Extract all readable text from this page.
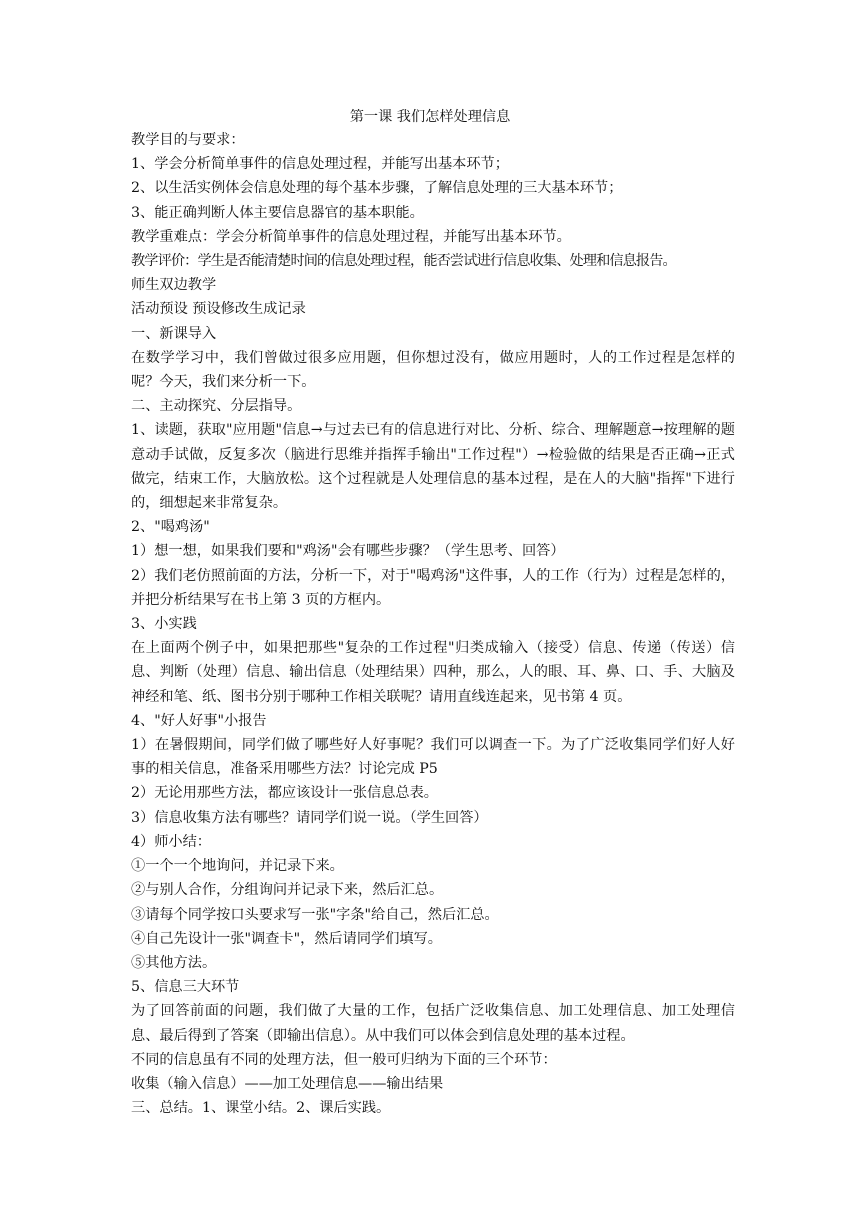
第一课 我们怎样处理信息

教学目的与要求：

1、学会分析简单事件的信息处理过程，并能写出基本环节；

2、以生活实例体会信息处理的每个基本步骤，了解信息处理的三大基本环节；

3、能正确判断人体主要信息器官的基本职能。

教学重难点：学会分析简单事件的信息处理过程，并能写出基本环节。

教学评价：学生是否能清楚时间的信息处理过程，能否尝试进行信息收集、处理和信息报告。

师生双边教学

活动预设 预设修改生成记录

一、新课导入

在数学学习中，我们曾做过很多应用题，但你想过没有，做应用题时，人的工作过程是怎样的呢？今天，我们来分析一下。

二、主动探究、分层指导。

1、读题，获取"应用题"信息→与过去已有的信息进行对比、分析、综合、理解题意→按理解的题意动手试做，反复多次（脑进行思维并指挥手输出"工作过程"）→检验做的结果是否正确→正式做完，结束工作，大脑放松。这个过程就是人处理信息的基本过程，是在人的大脑"指挥"下进行的，细想起来非常复杂。

2、"喝鸡汤"

1）想一想，如果我们要和"鸡汤"会有哪些步骤？（学生思考、回答）

2）我们老仿照前面的方法，分析一下，对于"喝鸡汤"这件事，人的工作（行为）过程是怎样的，并把分析结果写在书上第 3 页的方框内。

3、小实践

在上面两个例子中，如果把那些"复杂的工作过程"归类成输入（接受）信息、传递（传送）信息、判断（处理）信息、输出信息（处理结果）四种，那么，人的眼、耳、鼻、口、手、大脑及神经和笔、纸、图书分别于哪种工作相关联呢？请用直线连起来，见书第 4 页。

4、"好人好事"小报告

1）在暑假期间，同学们做了哪些好人好事呢？我们可以调查一下。为了广泛收集同学们好人好事的相关信息，准备采用哪些方法？讨论完成 P5

2）无论用那些方法，都应该设计一张信息总表。

3）信息收集方法有哪些？请同学们说一说。（学生回答）

4）师小结：

①一个一个地询问，并记录下来。

②与别人合作，分组询问并记录下来，然后汇总。

③请每个同学按口头要求写一张"字条"给自己，然后汇总。

④自己先设计一张"调查卡"，然后请同学们填写。

⑤其他方法。

5、信息三大环节

为了回答前面的问题，我们做了大量的工作，包括广泛收集信息、加工处理信息、加工处理信息、最后得到了答案（即输出信息）。从中我们可以体会到信息处理的基本过程。

不同的信息虽有不同的处理方法，但一般可归纳为下面的三个环节：

收集（输入信息）——加工处理信息——输出结果

三、总结。1、课堂小结。2、课后实践。
